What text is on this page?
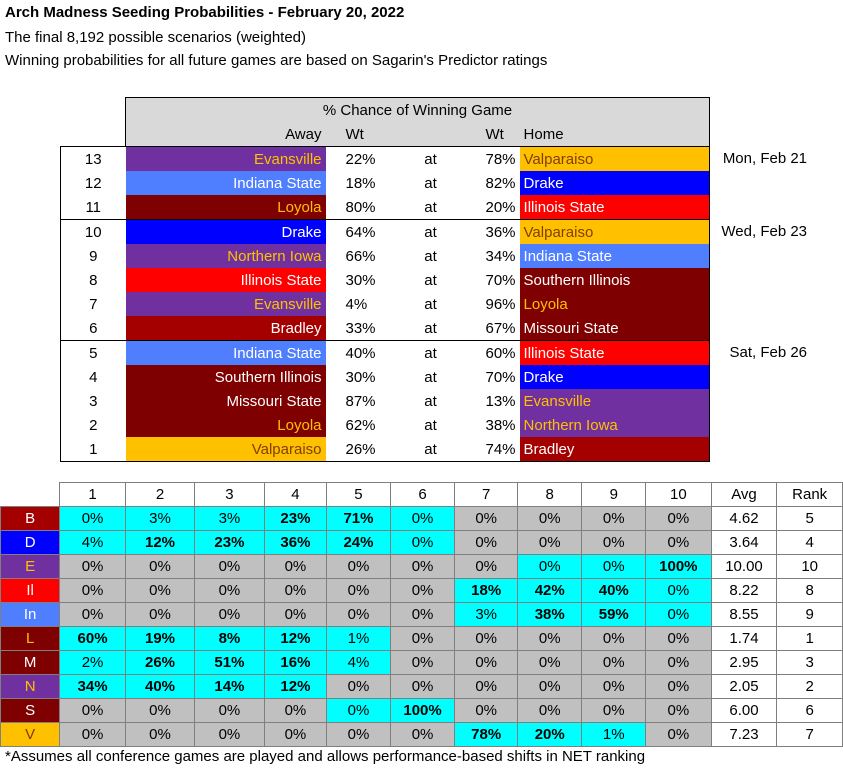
Arch Madness Seeding Probabilities - February 20, 2022
The final 8,192 possible scenarios (weighted)
Winning probabilities for all future games are based on Sagarin's Predictor ratings
	% Chance of Winning Game					
	Away	Wt		Wt	Home	
13	Evansville	22%	at	78%	Valparaiso	Mon, Feb 21
12	Indiana State	18%	at	82%	Drake	
11	Loyola	80%	at	20%	Illinois State	
10	Drake	64%	at	36%	Valparaiso	Wed, Feb 23
9	Northern Iowa	66%	at	34%	Indiana State	
8	Illinois State	30%	at	70%	Southern Illinois	
7	Evansville	4%	at	96%	Loyola	
6	Bradley	33%	at	67%	Missouri State	
5	Indiana State	40%	at	60%	Illinois State	Sat, Feb 26
4	Southern Illinois	30%	at	70%	Drake	
3	Missouri State	87%	at	13%	Evansville	
2	Loyola	62%	at	38%	Northern Iowa	
1	Valparaiso	26%	at	74%	Bradley	
	1	2	3	4	5	6	7	8	9	10	Avg	Rank
B	0%	3%	3%	23%	71%	0%	0%	0%	0%	0%	4.62	5
D	4%	12%	23%	36%	24%	0%	0%	0%	0%	0%	3.64	4
E	0%	0%	0%	0%	0%	0%	0%	0%	0%	100%	10.00	10
Il	0%	0%	0%	0%	0%	0%	18%	42%	40%	0%	8.22	8
In	0%	0%	0%	0%	0%	0%	3%	38%	59%	0%	8.55	9
L	60%	19%	8%	12%	1%	0%	0%	0%	0%	0%	1.74	1
M	2%	26%	51%	16%	4%	0%	0%	0%	0%	0%	2.95	3
N	34%	40%	14%	12%	0%	0%	0%	0%	0%	0%	2.05	2
S	0%	0%	0%	0%	0%	100%	0%	0%	0%	0%	6.00	6
V	0%	0%	0%	0%	0%	0%	78%	20%	1%	0%	7.23	7
*Assumes all conference games are played and allows performance-based shifts in NET ranking
